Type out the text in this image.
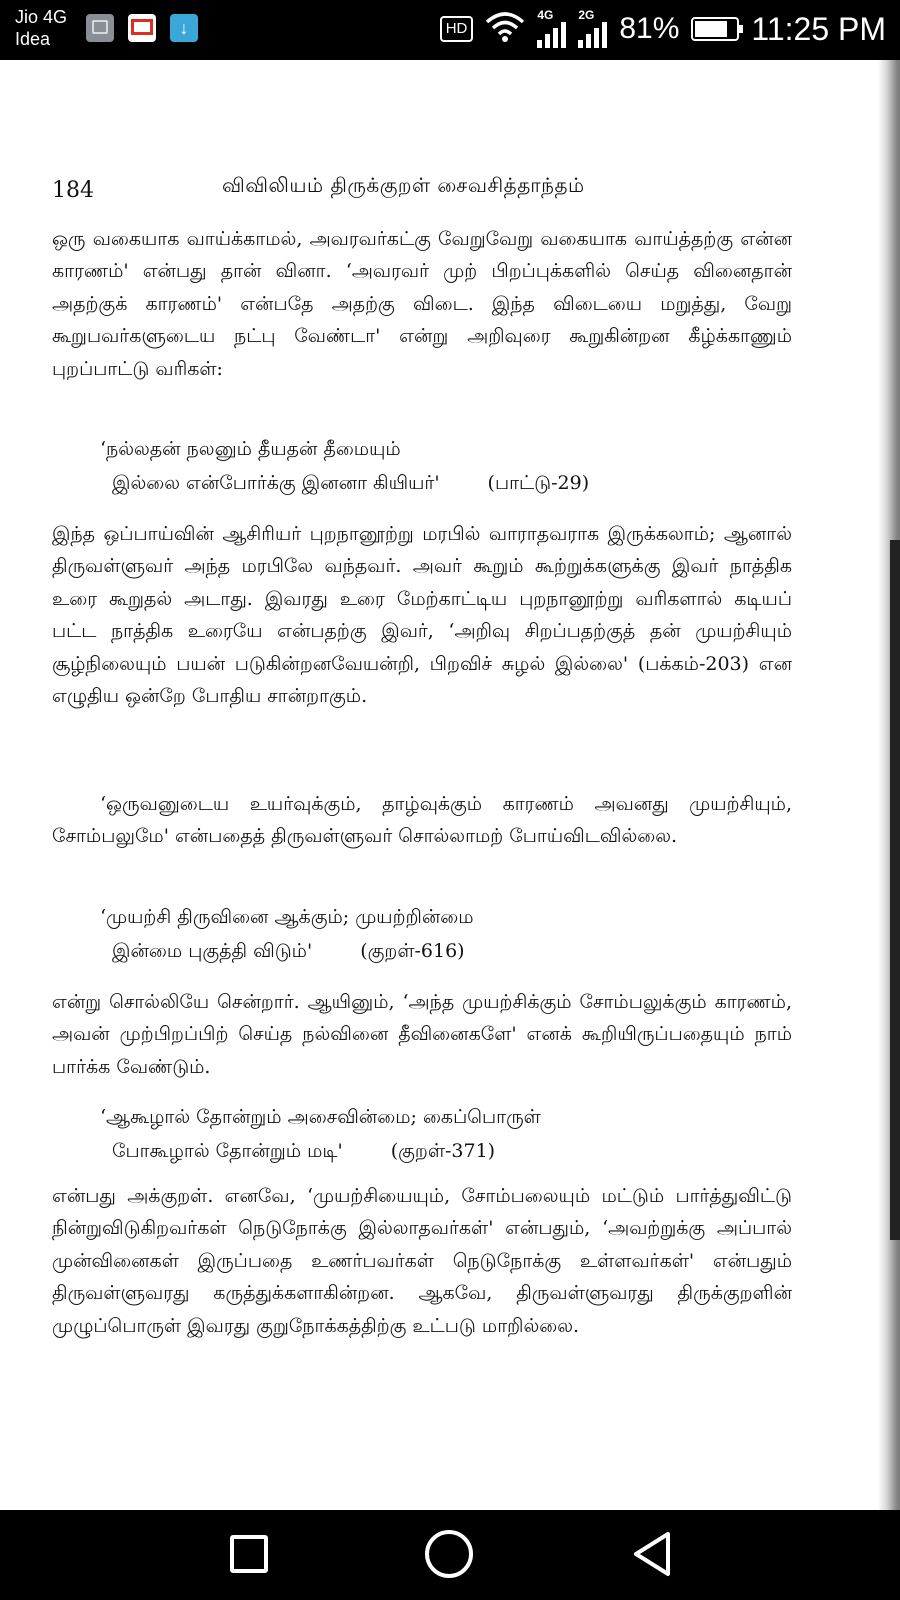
Jio 4G
Idea
↓	HD
4G 2G 81% 11:25 PM
184	விவிலியம் திருக்குறள் சைவசித்தாந்தம்

ஒரு வகையாக வாய்க்காமல், அவரவர்கட்கு வேறுவேறு வகையாக வாய்த்தற்கு என்ன காரணம்' என்பது தான் வினா. ‘அவரவர் முற் பிறப்புக்களில் செய்த வினைதான் அதற்குக் காரணம்' என்பதே அதற்கு விடை. இந்த விடையை மறுத்து, வேறு கூறுபவர்களுடைய நட்பு வேண்டா' என்று அறிவுரை கூறுகின்றன கீழ்க்காணும் புறப்பாட்டு வரிகள்:

‘நல்லதன் நலனும் தீயதன் தீமையும்
இல்லை என்போர்க்கு இனனா கியியர்'	(பாட்டு-29)

இந்த ஒப்பாய்வின் ஆசிரியர் புறநானூற்று மரபில் வாராதவராக இருக்கலாம்; ஆனால் திருவள்ளுவர் அந்த மரபிலே வந்தவர். அவர் கூறும் கூற்றுக்களுக்கு இவர் நாத்திக உரை கூறுதல் அடாது. இவரது உரை மேற்காட்டிய புறநானூற்று வரிகளால் கடியப் பட்ட நாத்திக உரையே என்பதற்கு இவர், ‘அறிவு சிறப்பதற்குத் தன் முயற்சியும் சூழ்நிலையும் பயன் படுகின்றனவேயன்றி, பிறவிச் சுழல் இல்லை' (பக்கம்-203) என எழுதிய ஒன்றே போதிய சான்றாகும்.

‘ஒருவனுடைய உயர்வுக்கும், தாழ்வுக்கும் காரணம் அவனது முயற்சியும், சோம்பலுமே' என்பதைத் திருவள்ளுவர் சொல்லாமற் போய்விடவில்லை.

‘முயற்சி திருவினை ஆக்கும்; முயற்றின்மை
இன்மை புகுத்தி விடும்'	(குறள்-616)

என்று சொல்லியே சென்றார். ஆயினும், ‘அந்த முயற்சிக்கும் சோம்பலுக்கும் காரணம், அவன் முற்பிறப்பிற் செய்த நல்வினை தீவினைகளே' எனக் கூறியிருப்பதையும் நாம் பார்க்க வேண்டும்.

‘ஆகூழால் தோன்றும் அசைவின்மை; கைப்பொருள்
போகூழால் தோன்றும் மடி'	(குறள்-371)

என்பது அக்குறள். எனவே, ‘முயற்சியையும், சோம்பலையும் மட்டும் பார்த்துவிட்டு நின்றுவிடுகிறவர்கள் நெடுநோக்கு இல்லாதவர்கள்' என்பதும், ‘அவற்றுக்கு அப்பால் முன்வினைகள் இருப்பதை உணர்பவர்கள் நெடுநோக்கு உள்ளவர்கள்' என்பதும் திருவள்ளுவரது கருத்துக்களாகின்றன. ஆகவே, திருவள்ளுவரது திருக்குறளின் முழுப்பொருள் இவரது குறுநோக்கத்திற்கு உட்படு மாறில்லை.
